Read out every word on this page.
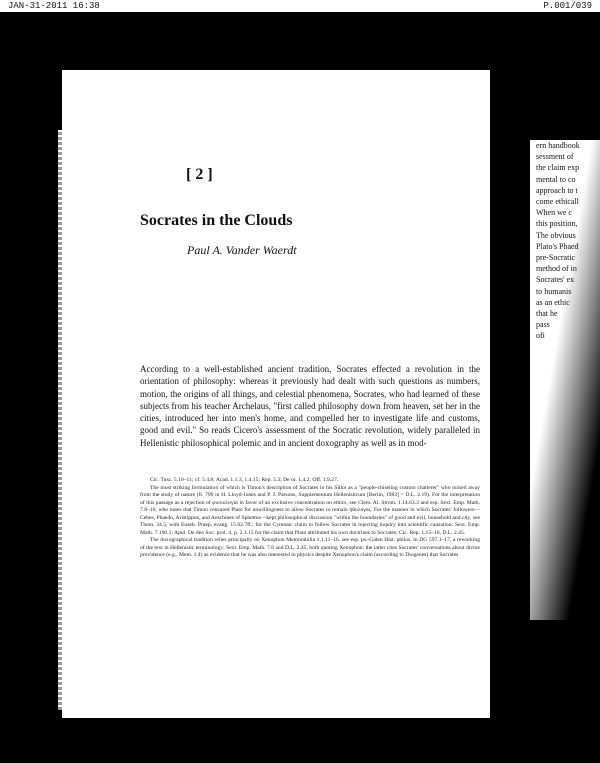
JAN-31-2011 16:38	P.001/039
[ 2 ]
Socrates in the Clouds
Paul A. Vander Waerdt

According to a well-established ancient tradition, Socrates effected a revolution in the orientation of philosophy: whereas it previously had dealt with such questions as numbers, motion, the origins of all things, and celestial phenomena, Socrates, who had learned of these subjects from his teacher Archelaus, "first called philosophy down from heaven, set her in the cities, introduced her into men's home, and compelled her to investigate life and customs, good and evil." So reads Cicero's assessment of the Socratic revolution, widely paralleled in Hellenistic philosophical polemic and in ancient doxography as well as in mod-

Cic. Tusc. 5.10–11; cf. 5.4.8; Acad. 1.1.3, 1.4.15; Rep. 5.3; De or. 1.4.2; Off. 1.9.27.

The most striking formulation of which is Timon's description of Socrates in his Silloi as a "people-chiseling custom chatterer" who turned away from the study of nature (fr. 799 in H. Lloyd-Jones and P. J. Parsons, Supplementum Hellenisticum [Berlin, 1983] = D.L. 2.19). For the interpretation of this passage as a rejection of φυσιολογία in favor of an exclusive concentration on ethics, see Clem. Al. Strom. 1.14.63.3 and esp. Sext. Emp. Math. 7.8–10, who notes that Timon censured Plato for unwillingness to allow Socrates to remain ἠθολόγος. For the manner in which Socrates' followers—Cebes, Phaedo, Aristippus, and Aeschines of Sphettus—kept philosophical discussion "within the boundaries" of good and evil, household and city, see Them. 34.5, with Euseb. Praep. evang. 15.62.7ff.; for the Cyrenaic claim to follow Socrates in rejecting inquiry into scientific causation: Sext. Emp. Math. 7.190.1; Apul. De deo Soc. prol. 4, p. 2.1.15 for the claim that Plato attributed his own doctrines to Socrates: Cic. Rep. 1.15–16, D.L. 2.45.

The doxographical tradition relies principally on Xenophon Memorabilia 1.1.11–16. see esp. ps.-Galen Hist. philos. in DG 597.1–17, a reworking of the text in Hellenistic terminology; Sext. Emp. Math. 7.8 and D.L. 2.45, both quoting Xenophon: the latter cites Socrates' conversations about divine providence (e.g., Mem. 1.4) as evidence that he was also interested in physics despite Xenophon's claim (according to Diogenes) that Socrates

ern handbook
sessment of
the claim exp
mental to co
approach to t
come ethicall
When we c
this position,
The obvious
Plato's Phaed
pre-Socratic
method of in
Socrates' ex
to humanis
as an ethic
that he
pass
ofi
